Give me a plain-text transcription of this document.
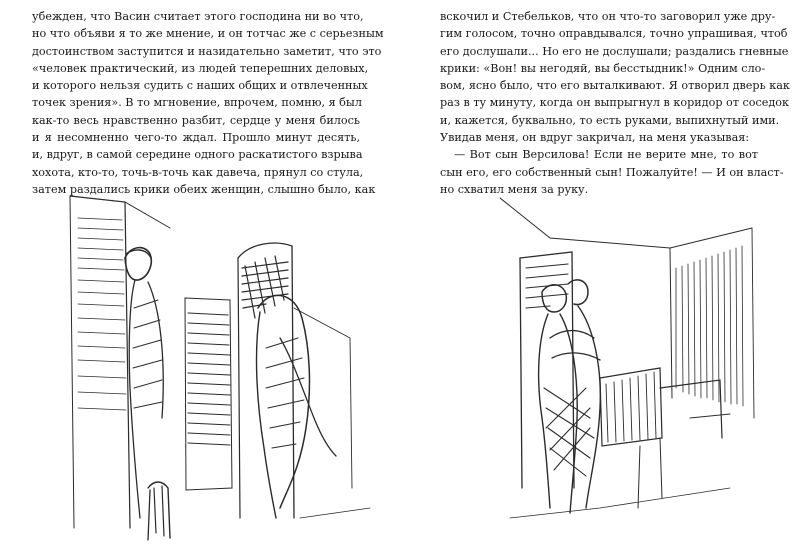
убежден, что Васин считает этого господина ни во что,
но что объяви я то же мнение, и он тотчас же с серьезным
достоинством заступится и назидательно заметит, что это
«человек практический, из людей теперешних деловых,
и которого нельзя судить с наших общих и отвлеченных
точек зрения». В то мгновение, впрочем, помню, я был
как-то весь нравственно разбит, сердце у меня билось
и я несомненно чего-то ждал. Прошло минут десять,
и, вдруг, в самой середине одного раскатистого взрыва
хохота, кто-то, точь-в-точь как давеча, прянул со стула,
затем раздались крики обеих женщин, слышно было, как
вскочил и Стебельков, что он что-то заговорил уже дру-
гим голосом, точно оправдывался, точно упрашивая, чтоб
его дослушали... Но его не дослушали; раздались гневные
крики: «Вон! вы негодяй, вы бесстыдник!» Одним сло-
вом, ясно было, что его выталкивают. Я отворил дверь как
раз в ту минуту, когда он выпрыгнул в коридор от соседок
и, кажется, буквально, то есть руками, выпихнутый ими.
Увидав меня, он вдруг закричал, на меня указывая:
— Вот сын Версилова! Если не верите мне, то вот
сын его, его собственный сын! Пожалуйте! — И он власт-
но схватил меня за руку.
